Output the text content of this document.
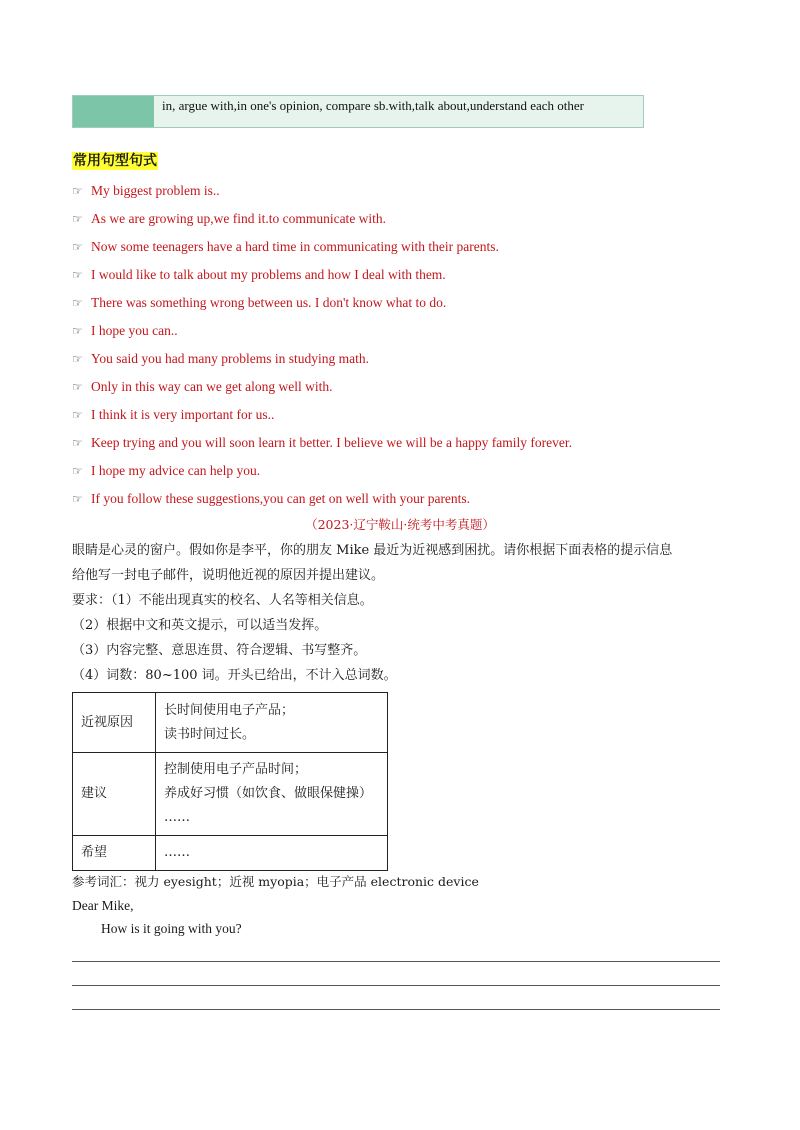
in, argue with,in one's opinion, compare sb.with,talk about,understand each other
常用句型句式
☞ My biggest problem is..
☞ As we are growing up,we find it.to communicate with.
☞ Now some teenagers have a hard time in communicating with their parents.
☞ I would like to talk about my problems and how I deal with them.
☞ There was something wrong between us. I don't know what to do.
☞ I hope you can..
☞ You said you had many problems in studying math.
☞ Only in this way can we get along well with.
☞ I think it is very important for us..
☞ Keep trying and you will soon learn it better. I believe we will be a happy family forever.
☞ I hope my advice can help you.
☞ If you follow these suggestions,you can get on well with your parents.
（2023·辽宁鞍山·统考中考真题）
眼睛是心灵的窗户。假如你是李平，你的朋友 Mike 最近为近视感到困扰。请你根据下面表格的提示信息
给他写一封电子邮件，说明他近视的原因并提出建议。
要求：（1）不能出现真实的校名、人名等相关信息。
（2）根据中文和英文提示，可以适当发挥。
（3）内容完整、意思连贯、符合逻辑、书写整齐。
（4）词数：80~100 词。开头已给出，不计入总词数。
近视原因	长时间使用电子产品；
读书时间过长。

建议	控制使用电子产品时间；
养成好习惯（如饮食、做眼保健操）
……

希望	……
参考词汇：视力 eyesight；近视 myopia；电子产品 electronic device
Dear Mike,
How is it going with you?
